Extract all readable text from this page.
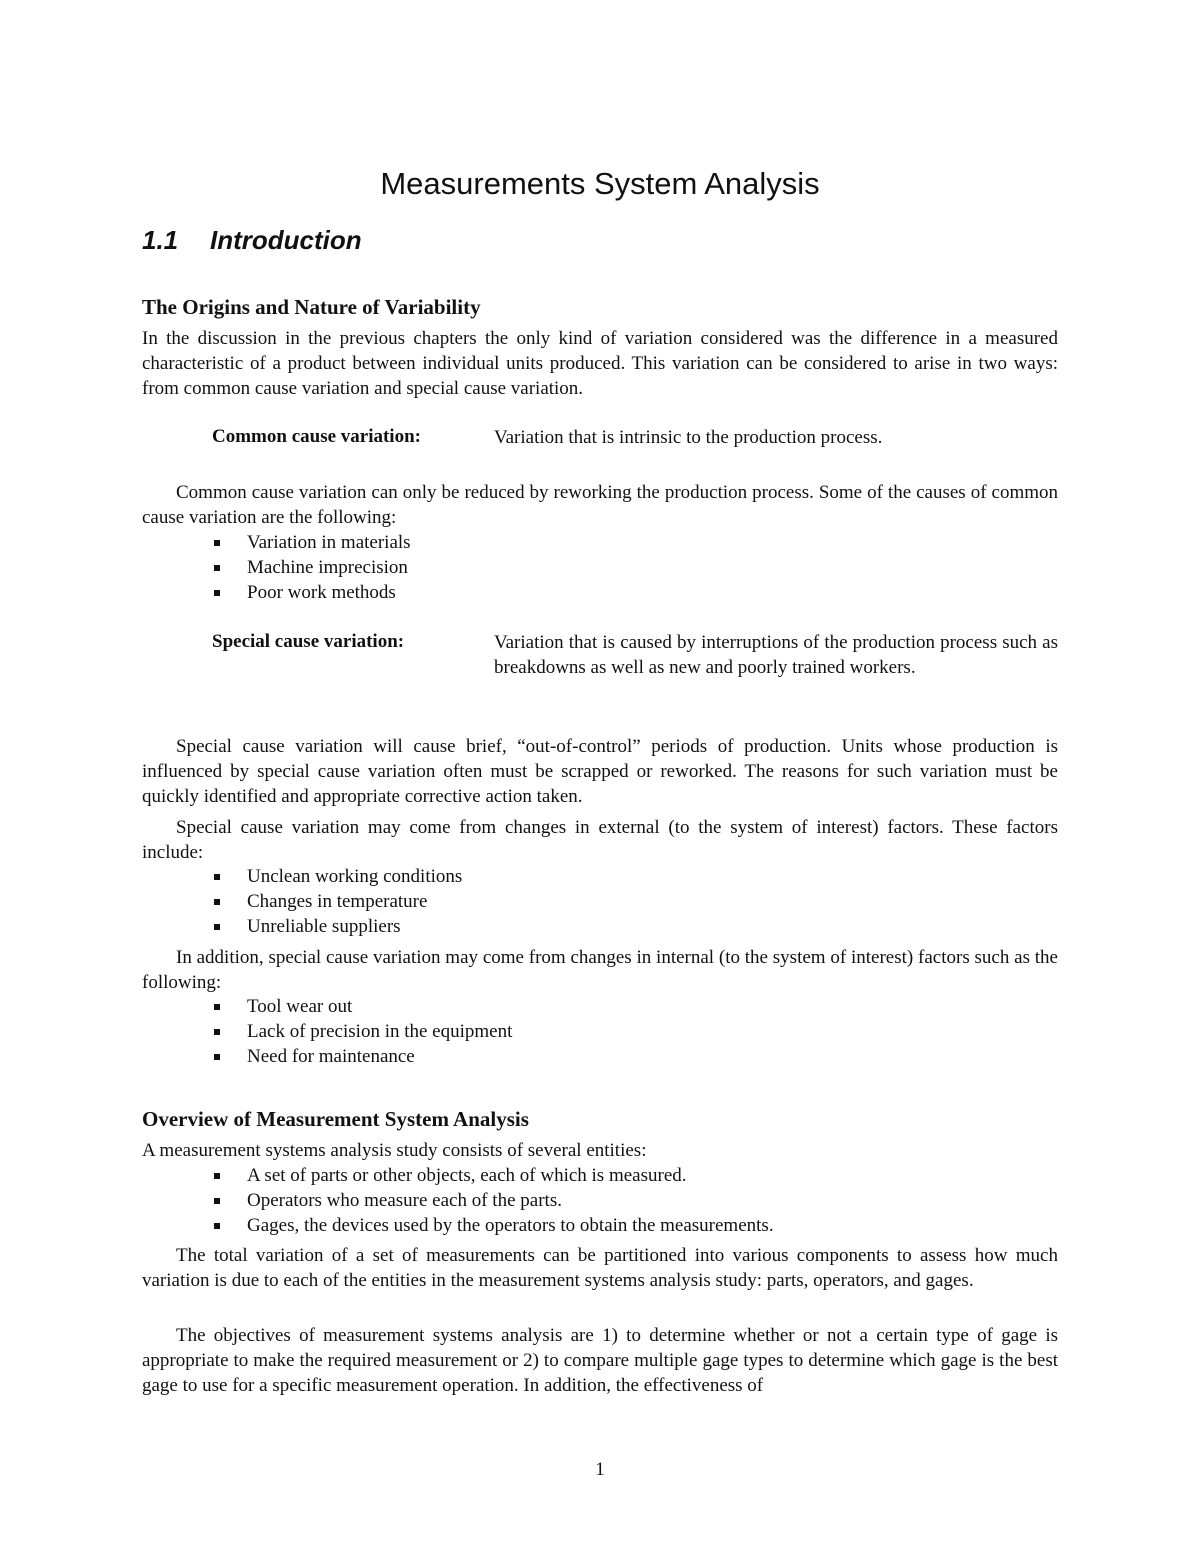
Measurements System Analysis
1.1 Introduction
The Origins and Nature of Variability

In the discussion in the previous chapters the only kind of variation considered was the difference in a measured characteristic of a product between individual units produced. This variation can be considered to arise in two ways: from common cause variation and special cause variation.

Common cause variation:	Variation that is intrinsic to the production process.

Common cause variation can only be reduced by reworking the production process. Some of the causes of common cause variation are the following:

Variation in materials
Machine imprecision
Poor work methods
Special cause variation:	Variation that is caused by interruptions of the production process such as breakdowns as well as new and poorly trained workers.

Special cause variation will cause brief, “out-of-control” periods of production. Units whose production is influenced by special cause variation often must be scrapped or reworked. The reasons for such variation must be quickly identified and appropriate corrective action taken.

Special cause variation may come from changes in external (to the system of interest) factors. These factors include:

Unclean working conditions
Changes in temperature
Unreliable suppliers

In addition, special cause variation may come from changes in internal (to the system of interest) factors such as the following:

Tool wear out
Lack of precision in the equipment
Need for maintenance
Overview of Measurement System Analysis

A measurement systems analysis study consists of several entities:

A set of parts or other objects, each of which is measured.
Operators who measure each of the parts.
Gages, the devices used by the operators to obtain the measurements.

The total variation of a set of measurements can be partitioned into various components to assess how much variation is due to each of the entities in the measurement systems analysis study: parts, operators, and gages.

The objectives of measurement systems analysis are 1) to determine whether or not a certain type of gage is appropriate to make the required measurement or 2) to compare multiple gage types to determine which gage is the best gage to use for a specific measurement operation. In addition, the effectiveness of

1
